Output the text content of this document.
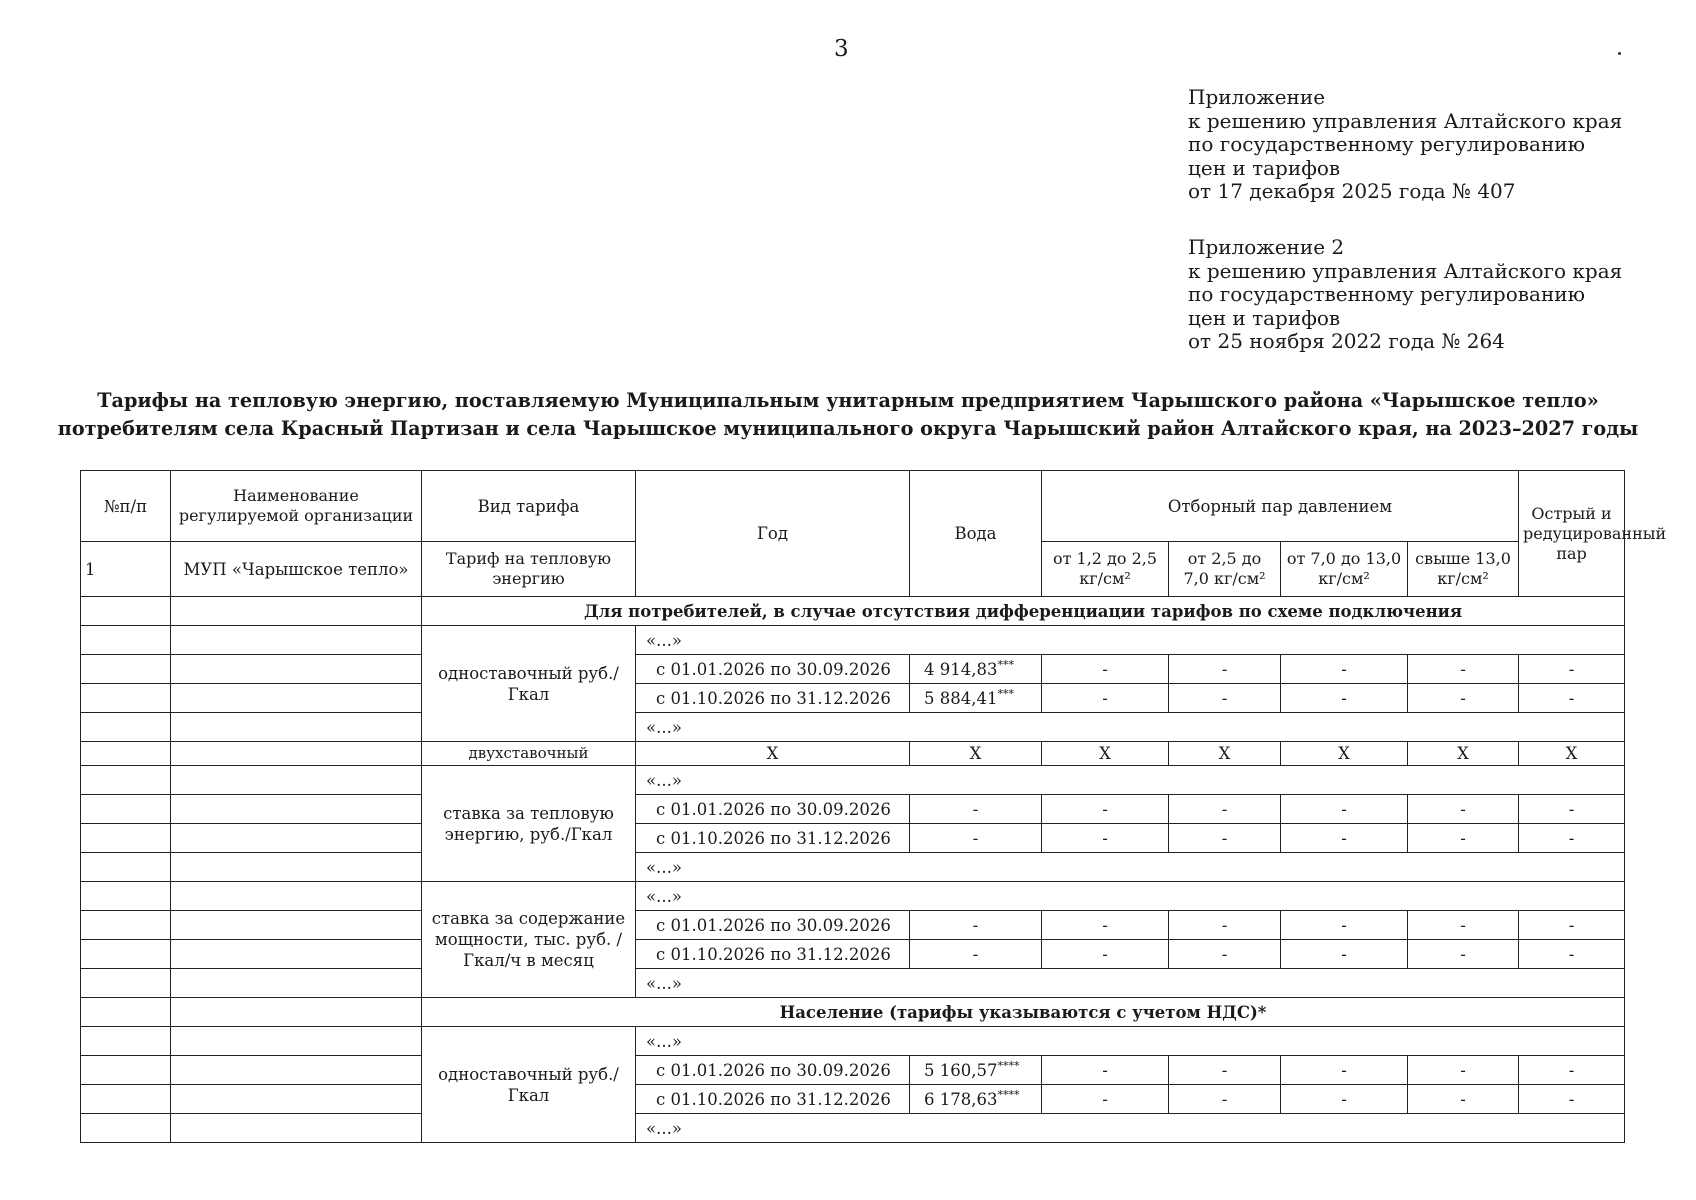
3
Приложение
к решению управления Алтайского края
по государственному регулированию
цен и тарифов
от 17 декабря 2025 года № 407
Приложение 2
к решению управления Алтайского края
по государственному регулированию
цен и тарифов
от 25 ноября 2022 года № 264
Тарифы на тепловую энергию, поставляемую Муниципальным унитарным предприятием Чарышского района «Чарышское тепло»
потребителям села Красный Партизан и села Чарышское муниципального округа Чарышский район Алтайского края, на 2023–2027 годы
№п/п	Наименование регулируемой организации	Вид тарифа	Год	Вода	Отборный пар давлением				Острый и редуцированный пар
1	МУП «Чарышское тепло»	Тариф на тепловую энергию			от 1,2 до 2,5 кг/см²	от 2,5 до 7,0 кг/см²	от 7,0 до 13,0 кг/см²	свыше 13,0 кг/см²	
		Для потребителей, в случае отсутствия дифференциации тарифов по схеме подключения							
		одноставочный руб./Гкал	«...»						
			с 01.01.2026 по 30.09.2026	4 914,83***	-	-	-	-	-
			с 01.10.2026 по 31.12.2026	5 884,41***	-	-	-	-	-
			«...»						
		двухставочный	X	X	X	X	X	X	X
		ставка за тепловую энергию, руб./Гкал	«...»						
			с 01.01.2026 по 30.09.2026	-	-	-	-	-	-
			с 01.10.2026 по 31.12.2026	-	-	-	-	-	-
			«...»						
		ставка за содержание мощности, тыс. руб. /Гкал/ч в месяц	«...»						
			с 01.01.2026 по 30.09.2026	-	-	-	-	-	-
			с 01.10.2026 по 31.12.2026	-	-	-	-	-	-
			«...»						
		Население (тарифы указываются с учетом НДС)*							
		одноставочный руб./Гкал	«...»						
			с 01.01.2026 по 30.09.2026	5 160,57****	-	-	-	-	-
			с 01.10.2026 по 31.12.2026	6 178,63****	-	-	-	-	-
			«...»						
